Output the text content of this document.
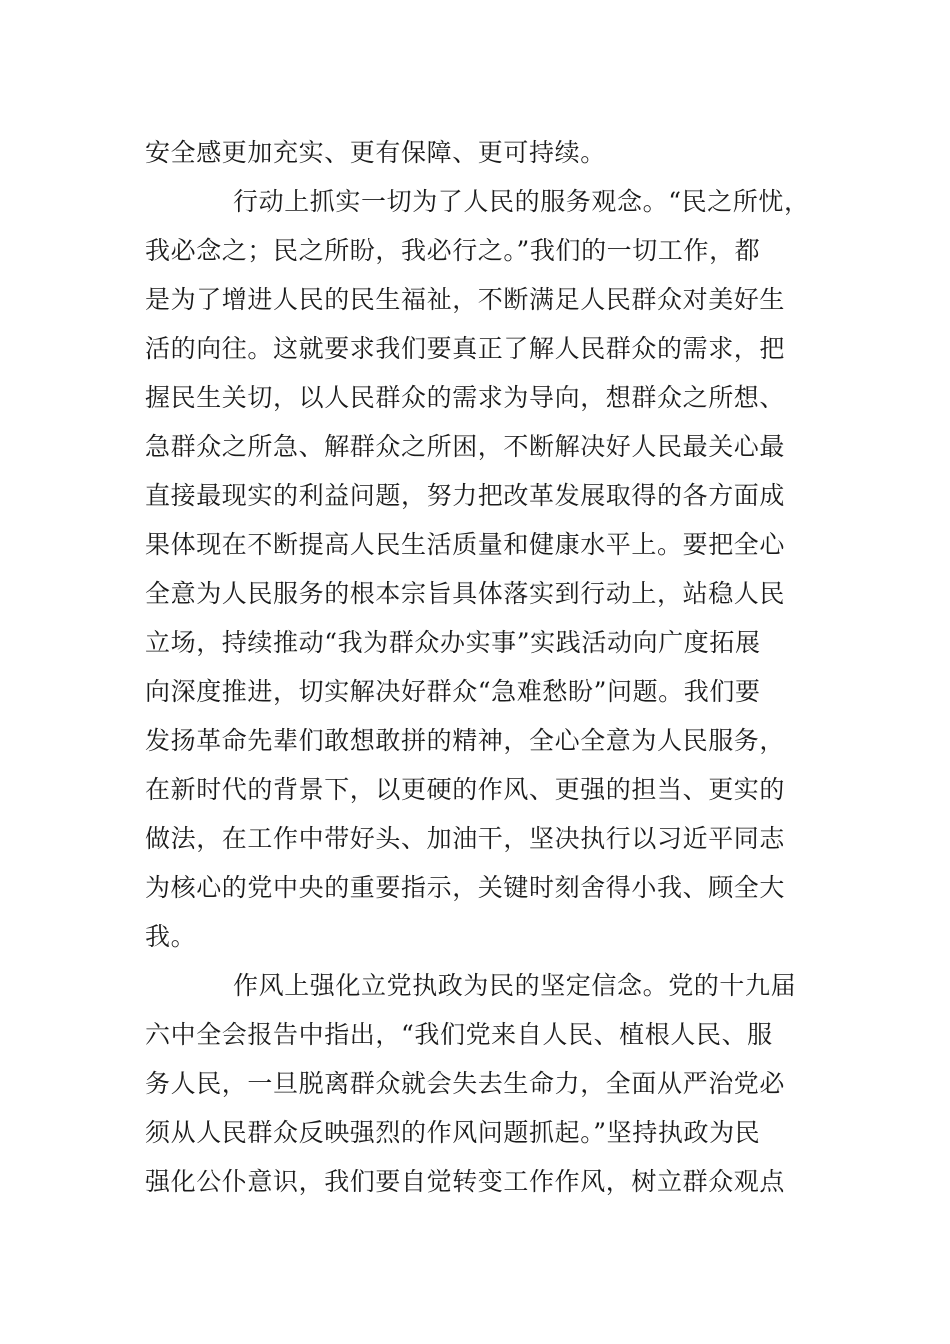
安全感更加充实、更有保障、更可持续。
行动上抓实一切为了人民的服务观念。“民之所忧，
我必念之；民之所盼，我必行之。”我们的一切工作，都
是为了增进人民的民生福祉，不断满足人民群众对美好生
活的向往。这就要求我们要真正了解人民群众的需求，把
握民生关切，以人民群众的需求为导向，想群众之所想、
急群众之所急、解群众之所困，不断解决好人民最关心最
直接最现实的利益问题，努力把改革发展取得的各方面成
果体现在不断提高人民生活质量和健康水平上。要把全心
全意为人民服务的根本宗旨具体落实到行动上，站稳人民
立场，持续推动“我为群众办实事”实践活动向广度拓展
向深度推进，切实解决好群众“急难愁盼”问题。我们要
发扬革命先辈们敢想敢拼的精神，全心全意为人民服务，
在新时代的背景下，以更硬的作风、更强的担当、更实的
做法，在工作中带好头、加油干，坚决执行以习近平同志
为核心的党中央的重要指示，关键时刻舍得小我、顾全大
我。
作风上强化立党执政为民的坚定信念。党的十九届
六中全会报告中指出，“我们党来自人民、植根人民、服
务人民，一旦脱离群众就会失去生命力，全面从严治党必
须从人民群众反映强烈的作风问题抓起。”坚持执政为民
强化公仆意识，我们要自觉转变工作作风，树立群众观点
